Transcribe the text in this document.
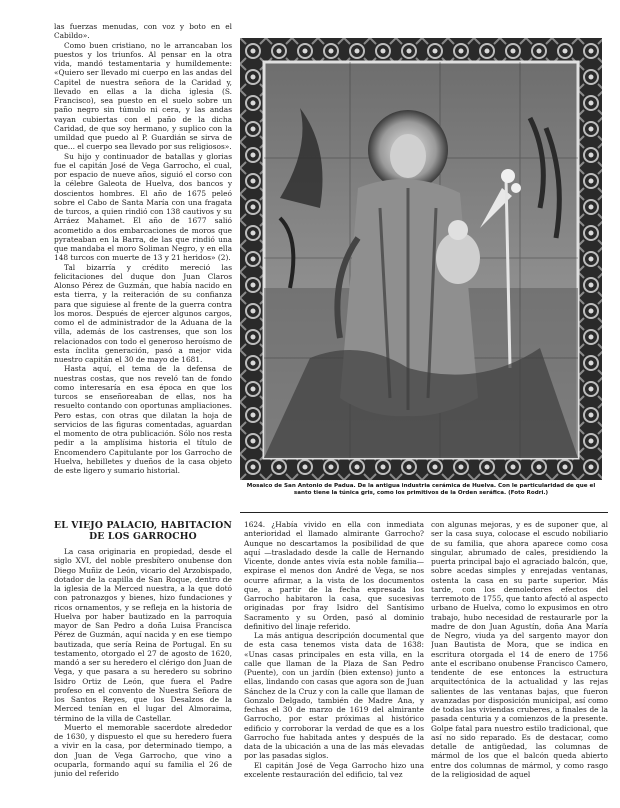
las fuerzas menudas, con voz y boto en el Cabildo».

Como buen cristiano, no le arrancaban los puestos y los triunfos. Al pensar en la otra vida, mandó testamentaria y humildemente: «Quiero ser llevado mi cuerpo en las andas del Capitel de nuestra señora de la Caridad y, llevado en ellas a la dicha iglesia (S. Francisco), sea puesto en el suelo sobre un paño negro sin túmulo ni cera, y las andas vayan cubiertas con el paño de la dicha Caridad, de que soy hermano, y suplico con la umildad que puedo al P. Guardián se sirva de que... el cuerpo sea llevado por sus religiosos».

Su hijo y continuador de batallas y glorias fue el capitán José de Vega Garrocho, el cual, por espacio de nueve años, siguió el corso con la célebre Galeota de Huelva, dos bancos y doscientos hombres. El año de 1675 peleó sobre el Cabo de Santa María con una fragata de turcos, a quien rindió con 138 cautivos y su Arráez Mahamet. El año de 1677 salió acometido a dos embarcaciones de moros que pyrateaban en la Barra, de las que rindió una que mandaba el moro Soliman Negro, y en ella 148 turcos con muerte de 13 y 21 heridos» (2).

Tal bizarría y crédito mereció las felicitaciones del duque don Juan Claros Alonso Pérez de Guzmán, que había nacido en esta tierra, y la reiteración de su confianza para que siguiese al frente de la guerra contra los moros. Después de ejercer algunos cargos, como el de administrador de la Aduana de la villa, además de los castrenses, que son los relacionados con todo el generoso heroísmo de esta ínclita generación, pasó a mejor vida nuestro capitán el 30 de mayo de 1681.

Hasta aquí, el tema de la defensa de nuestras costas, que nos reveló tan de fondo como interesaría en esa época en que los turcos se enseñoreaban de ellas, nos ha resuelto contando con oportunas ampliaciones. Pero estas, con otras que dilatan la hoja de servicios de las figuras comentadas, aguardan el momento de otra publicación. Sólo nos resta pedir a la amplísima historia el título de Encomendero Capitulante por los Garrocho de Huelva, hebilletes y dueños de la casa objeto de este ligero y sumario historial.

Mosaico de San Antonio de Padua. De la antigua industria cerámica de Huelva. Con le particularidad de que el santo tiene la túnica gris, como los primitivos de la Orden seráfica. (Foto Rodri.)
EL VIEJO PALACIO, HABITACION DE LOS GARROCHO

La casa originaria en propiedad, desde el siglo XVI, del noble presbítero onubense don Diego Muñiz de León, vicario del Arzobispado, dotador de la capilla de San Roque, dentro de la iglesia de la Merced nuestra, a la que dotó con patronazgos y bienes, hizo fundaciones y ricos ornamentos, y se refleja en la historia de Huelva por haber bautizado en la parroquia mayor de San Pedro a doña Luisa Francisca Pérez de Guzmán, aquí nacida y en ese tiempo bautizada, que sería Reina de Portugal. En su testamento, otorgado el 27 de agosto de 1620, mandó a ser su heredero el clérigo don Juan de Vega, y que pasara a su heredero su sobrino Isidro Ortiz de León, que fuera el Padre profeso en el convento de Nuestra Señora de los Santos Reyes, que los Desalzos de la Merced tenían en el lugar del Almoraima, término de la villa de Castellar.

Muerto el memorable sacerdote alrededor de 1630, y dispuesto el que su heredero fuera a vivir en la casa, por determinado tiempo, a don Juan de Vega Garrocho, que vino a ocuparla, formando aquí su familia el 26 de junio del referido

1624. ¿Había vivido en ella con inmediata anterioridad el llamado almirante Garrocho? Aunque no descartamos la posibilidad de que aquí —trasladado desde la calle de Hernando Vicente, donde antes vivía esta noble familia— expirase el menos don André de Vega, se nos ocurre afirmar, a la vista de los documentos que, a partir de la fecha expresada los Garrocho habitaron la casa, que sucesivas originadas por fray Isidro del Santísimo Sacramento y su Orden, pasó al dominio definitivo del linaje referido.

La más antigua descripción documental que de esta casa tenemos vista data de 1638: «Unas casas principales en esta villa, en la calle que llaman de la Plaza de San Pedro (Puente), con un jardín (bien extenso) junto a ellas, lindando con casas que agora son de Juan Sánchez de la Cruz y con la calle que llaman de Gonzalo Delgado, también de Madre Ana, y fechas el 30 de marzo de 1619 del almirante Garrocho, por estar próximas al histórico edificio y corroborar la verdad de que es a los Garrocho fue habitada antes y después de la data de la ubicación a una de las más elevadas por las pasadas siglos.

El capitán José de Vega Garrocho hizo una excelente restauración del edificio, tal vez

con algunas mejoras, y es de suponer que, al ser la casa suya, colocase el escudo nobiliario de su familia, que ahora aparece como cosa singular, abrumado de cales, presidiendo la puerta principal bajo el agraciado balcón, que, sobre acedas simples y enrejadas ventanas, ostenta la casa en su parte superior. Más tarde, con los demoledores efectos del terremoto de 1755, que tanto afectó al aspecto urbano de Huelva, como lo expusimos en otro trabajo, hubo necesidad de restaurarle por la madre de don Juan Agustín, doña Ana María de Negro, viuda ya del sargento mayor don Juan Bautista de Mora, que se indica en escritura otorgada el 14 de enero de 1756 ante el escribano onubense Francisco Camero, tendente de ese entonces la estructura arquitectónica de la actualidad y las rejas salientes de las ventanas bajas, que fueron avanzadas por disposición municipal, así como de todas las viviendas cruberes, a finales de la pasada centuria y a comienzos de la presente. Golpe fatal para nuestro estilo tradicional, que así no sido reparado. Es de destacar, como detalle de antigüedad, las columnas de mármol de los que el balcón queda abierto entre dos columnas de mármol, y como rasgo de la religiosidad de aquel
